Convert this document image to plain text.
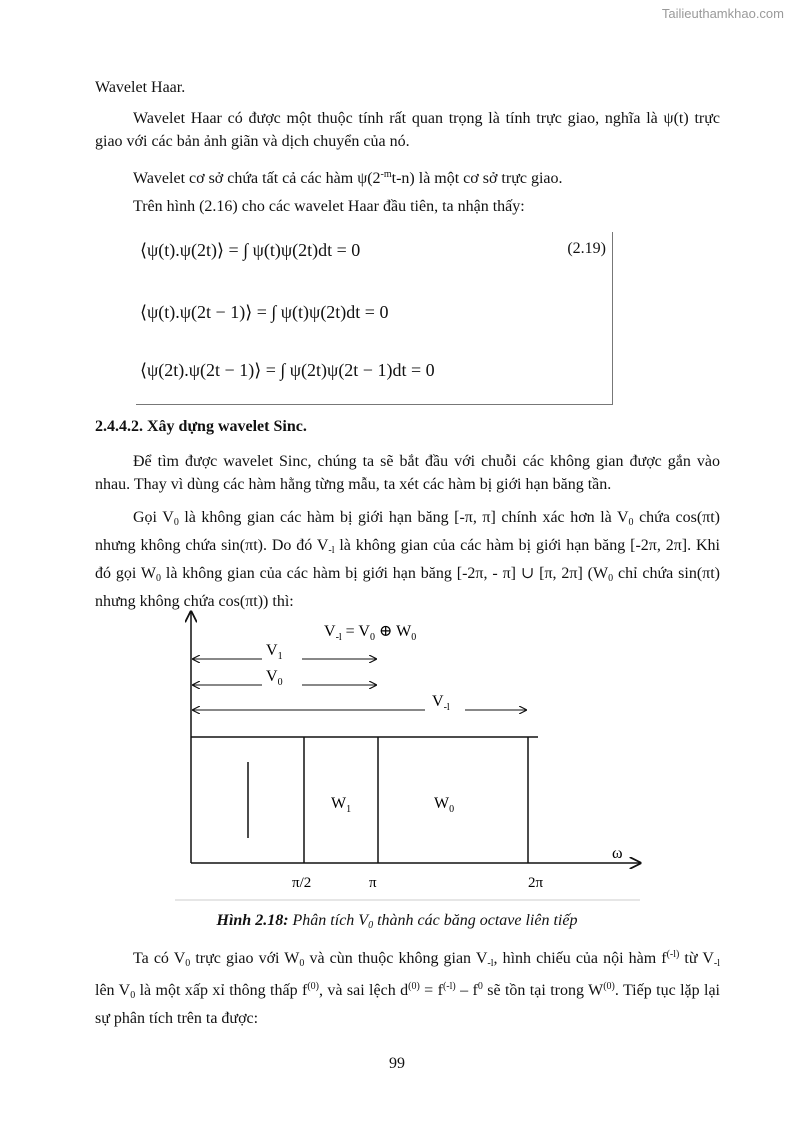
Tailieuthamkhao.com

Wavelet Haar.

Wavelet Haar có được một thuộc tính rất quan trọng là tính trực giao, nghĩa là ψ(t) trực giao với các bản ảnh giãn và dịch chuyển của nó.

Wavelet cơ sở chứa tất cả các hàm $\psi(2^{-m}t-n)$ là một cơ sở trực giao.

Trên hình (2.16) cho các wavelet Haar đầu tiên, ta nhận thấy:

⟨ψ(t).ψ(2t)⟩ = ∫ ψ(t)ψ(2t)dt = 0
⟨ψ(t).ψ(2t − 1)⟩ = ∫ ψ(t)ψ(2t)dt = 0
⟨ψ(2t).ψ(2t − 1)⟩ = ∫ ψ(2t)ψ(2t − 1)dt = 0
(2.19)
2.4.4.2. Xây dựng wavelet Sinc.

Để tìm được wavelet Sinc, chúng ta sẽ bắt đầu với chuỗi các không gian được gắn vào nhau. Thay vì dùng các hàm hằng từng mẫu, ta xét các hàm bị giới hạn băng tần.

Gọi $V_0$ là không gian các hàm bị giới hạn băng [-π, π] chính xác hơn là $V_0$ chứa cos(πt) nhưng không chứa sin(πt). Do đó $V_{-l}$ là không gian của các hàm bị giới hạn băng [-2π, 2π]. Khi đó gọi $W_0$ là không gian của các hàm bị giới hạn băng [-2π, - π] ∪ [π, 2π] ($W_0$ chỉ chứa sin(πt) nhưng không chứa cos(πt)) thì:

$V_{-l} = V_0$ ⊕ $W_0$
$V_1$
$V_0$
$V_{-l}$
$W_1$	$W_0$
ω
π/2	π	2π
Hình 2.18: Phân tích $V_0$ thành các băng octave liên tiếp

Ta có $V_0$ trực giao với $W_0$ và cùn thuộc không gian $V_{-l}$, hình chiếu của nội hàm $f^{(-l)}$ từ $V_{-l}$ lên $V_0$ là một xấp xỉ thông thấp $f^{(0)}$, và sai lệch $d^{(0)} = f^{(-l)} - f^0$ sẽ tồn tại trong $W^{(0)}$. Tiếp tục lặp lại sự phân tích trên ta được:

99
